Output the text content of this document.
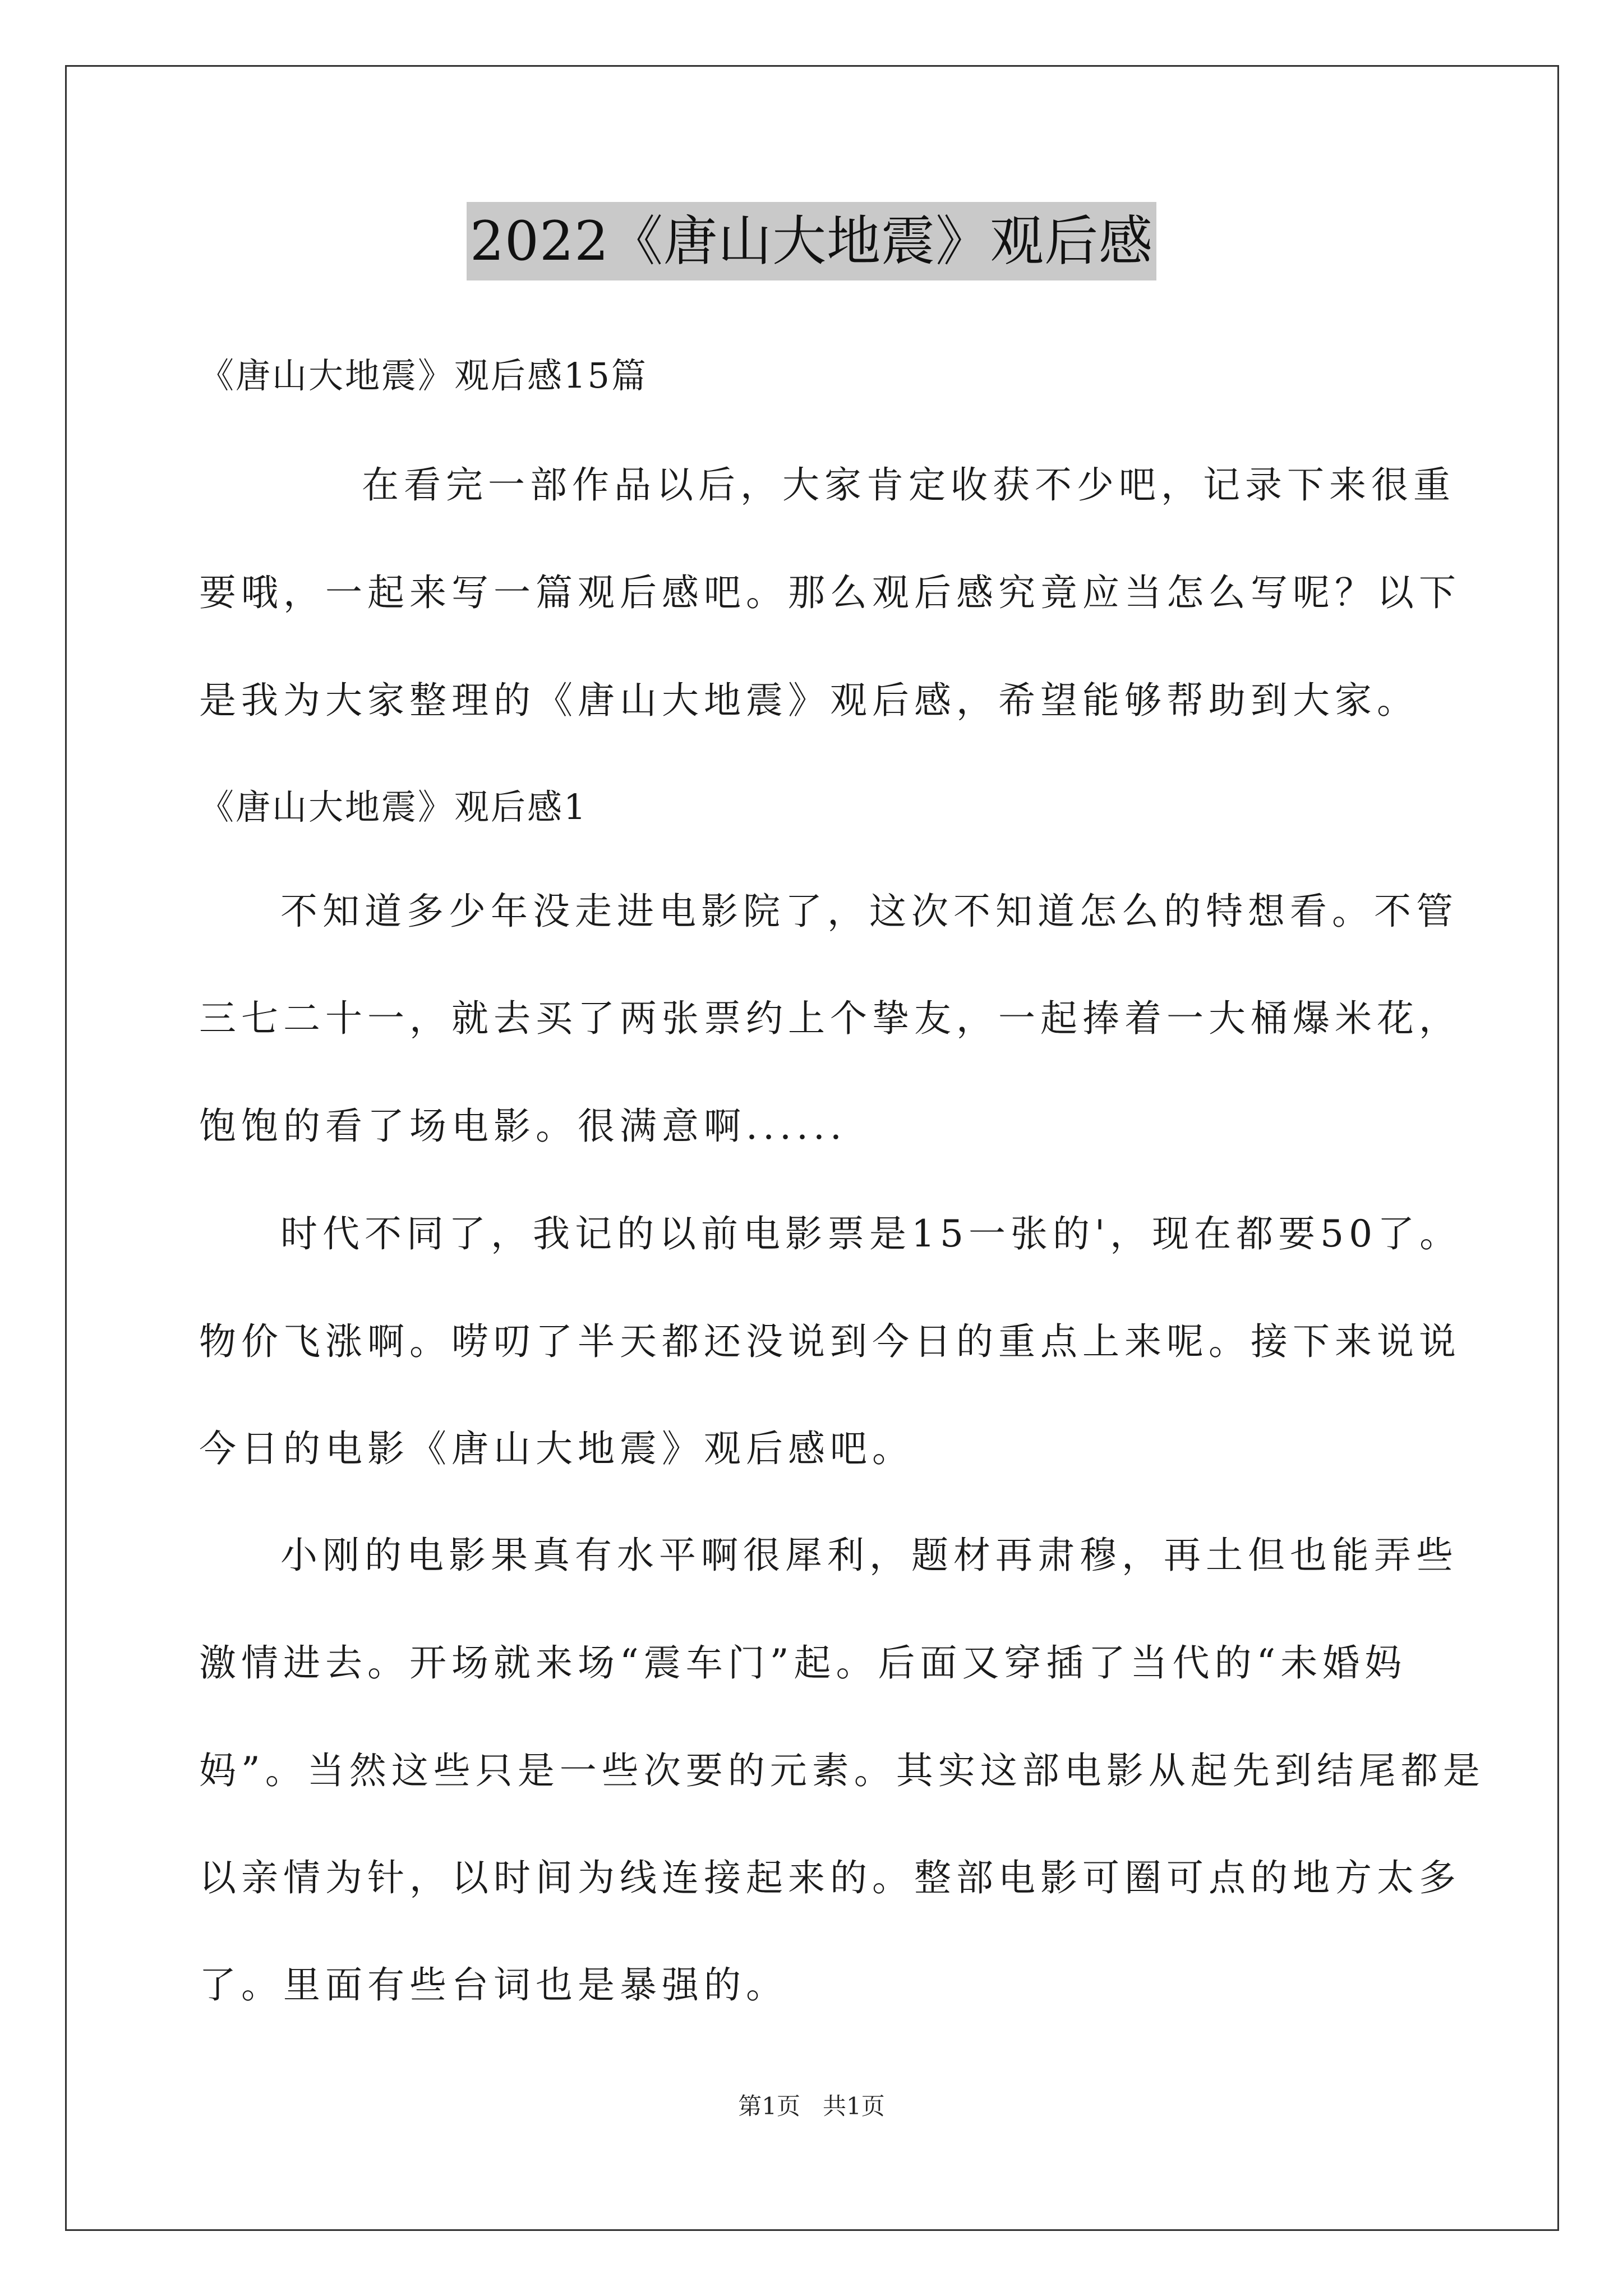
2022《唐山大地震》观后感
《唐山大地震》观后感15篇
在看完一部作品以后，大家肯定收获不少吧，记录下来很重
要哦，一起来写一篇观后感吧。那么观后感究竟应当怎么写呢？以下
是我为大家整理的《唐山大地震》观后感，希望能够帮助到大家。
《唐山大地震》观后感1
不知道多少年没走进电影院了，这次不知道怎么的特想看。不管
三七二十一，就去买了两张票约上个挚友，一起捧着一大桶爆米花，
饱饱的看了场电影。很满意啊......
时代不同了，我记的以前电影票是15一张的'，现在都要50了。
物价飞涨啊。唠叨了半天都还没说到今日的重点上来呢。接下来说说
今日的电影《唐山大地震》观后感吧。
小刚的电影果真有水平啊很犀利，题材再肃穆，再土但也能弄些
激情进去。开场就来场“震车门”起。后面又穿插了当代的“未婚妈
妈”。当然这些只是一些次要的元素。其实这部电影从起先到结尾都是
以亲情为针，以时间为线连接起来的。整部电影可圈可点的地方太多
了。里面有些台词也是暴强的。
第1页 共1页
